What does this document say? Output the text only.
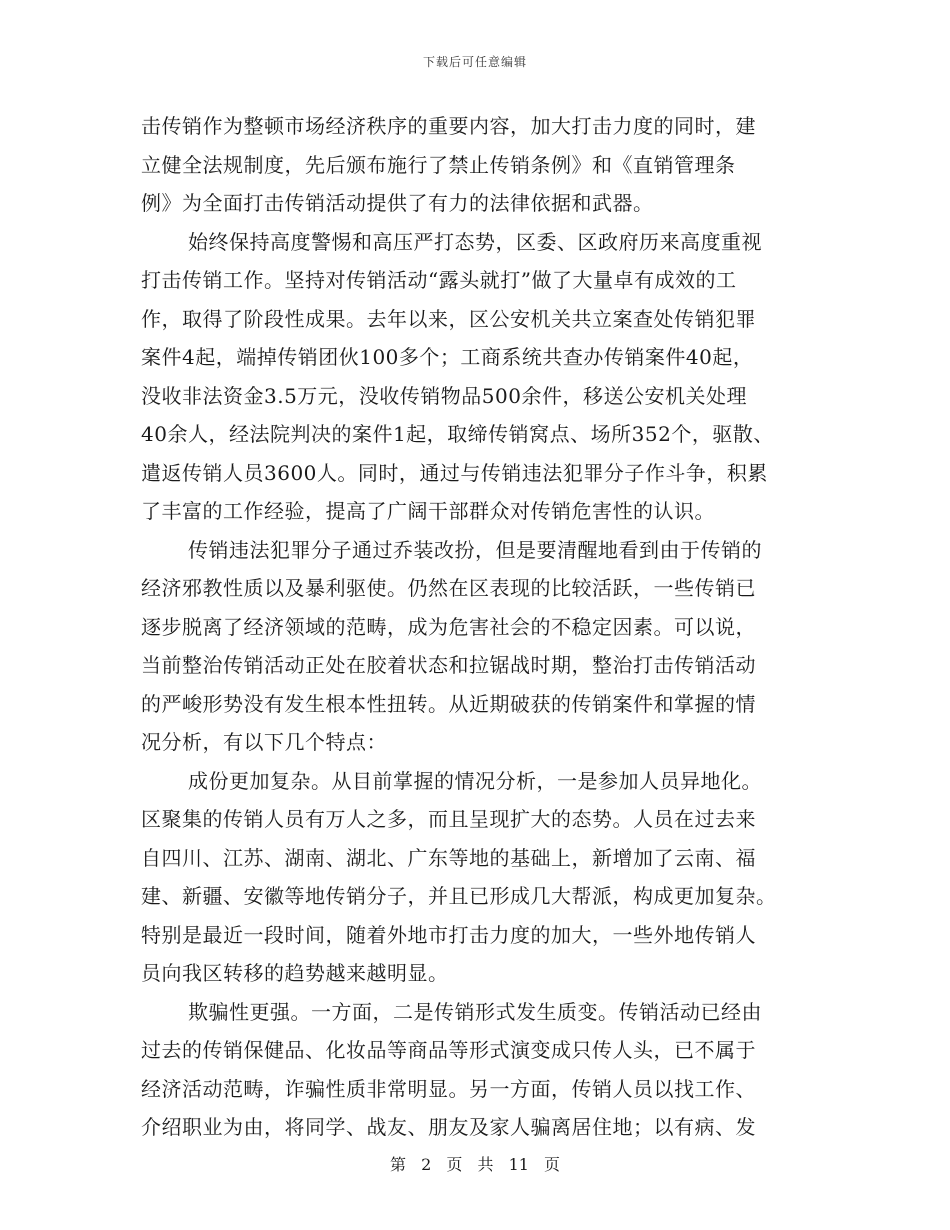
下载后可任意编辑
击传销作为整顿市场经济秩序的重要内容，加大打击力度的同时，建
立健全法规制度，先后颁布施行了禁止传销条例》和《直销管理条
例》为全面打击传销活动提供了有力的法律依据和武器。
始终保持高度警惕和高压严打态势，区委、区政府历来高度重视
打击传销工作。坚持对传销活动“露头就打”做了大量卓有成效的工
作，取得了阶段性成果。去年以来，区公安机关共立案查处传销犯罪
案件4起，端掉传销团伙100多个；工商系统共查办传销案件40起，
没收非法资金3.5万元，没收传销物品500余件，移送公安机关处理
40余人，经法院判决的案件1起，取缔传销窝点、场所352个，驱散、
遣返传销人员3600人。同时，通过与传销违法犯罪分子作斗争，积累
了丰富的工作经验，提高了广阔干部群众对传销危害性的认识。
传销违法犯罪分子通过乔装改扮，但是要清醒地看到由于传销的
经济邪教性质以及暴利驱使。仍然在区表现的比较活跃，一些传销已
逐步脱离了经济领域的范畴，成为危害社会的不稳定因素。可以说，
当前整治传销活动正处在胶着状态和拉锯战时期，整治打击传销活动
的严峻形势没有发生根本性扭转。从近期破获的传销案件和掌握的情
况分析，有以下几个特点：
成份更加复杂。从目前掌握的情况分析，一是参加人员异地化。
区聚集的传销人员有万人之多，而且呈现扩大的态势。人员在过去来
自四川、江苏、湖南、湖北、广东等地的基础上，新增加了云南、福
建、新疆、安徽等地传销分子，并且已形成几大帮派，构成更加复杂。
特别是最近一段时间，随着外地市打击力度的加大，一些外地传销人
员向我区转移的趋势越来越明显。
欺骗性更强。一方面，二是传销形式发生质变。传销活动已经由
过去的传销保健品、化妆品等商品等形式演变成只传人头，已不属于
经济活动范畴，诈骗性质非常明显。另一方面，传销人员以找工作、
介绍职业为由，将同学、战友、朋友及家人骗离居住地；以有病、发
第 2 页 共 11 页
